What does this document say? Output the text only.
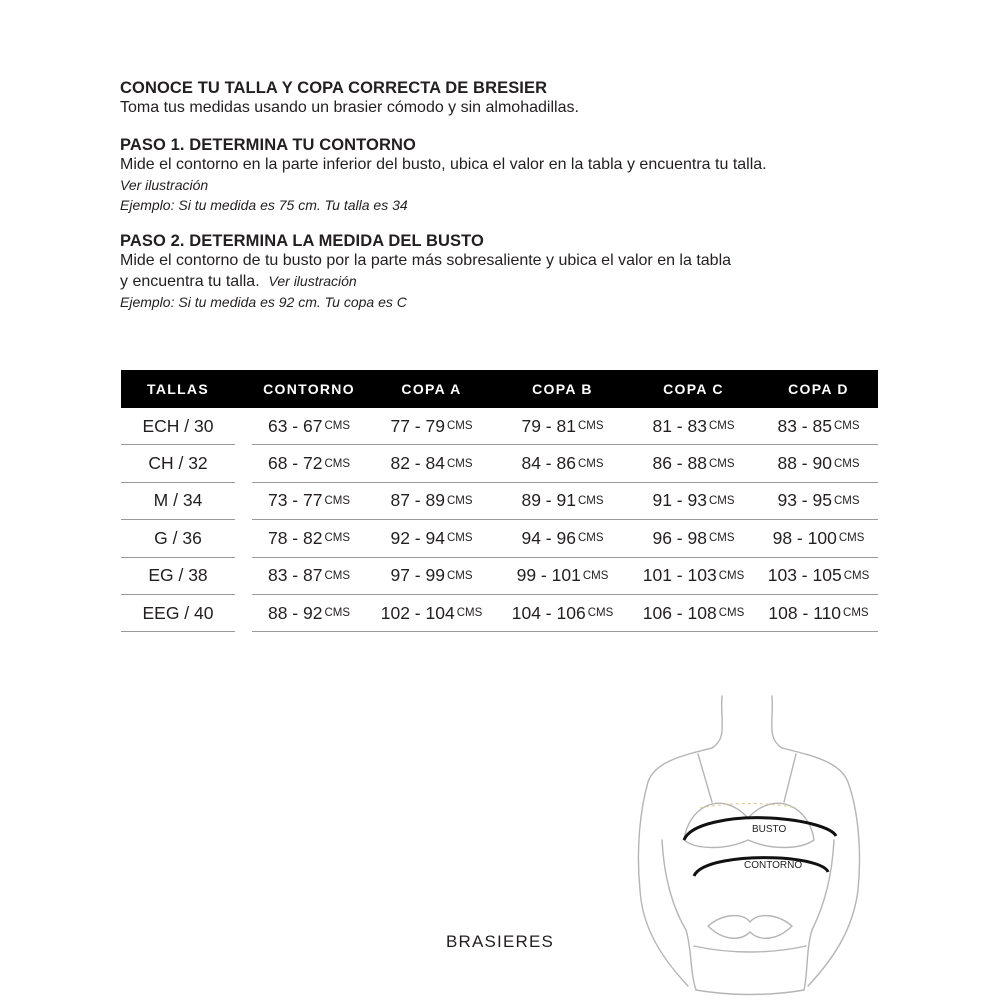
CONOCE TU TALLA Y COPA CORRECTA DE BRESIER
Toma tus medidas usando un brasier cómodo y sin almohadillas.
PASO 1. DETERMINA TU CONTORNO
Mide el contorno en la parte inferior del busto, ubica el valor en la tabla y encuentra tu talla.
Ver ilustración
Ejemplo: Si tu medida es 75 cm. Tu talla es 34
PASO 2. DETERMINA LA MEDIDA DEL BUSTO
Mide el contorno de tu busto por la parte más sobresaliente y ubica el valor en la tabla
y encuentra tu talla. Ver ilustración
Ejemplo: Si tu medida es 92 cm. Tu copa es C
TALLAS	CONTORNO	COPA A	COPA B	COPA C	COPA D
ECH / 30	63 - 67 CMS 77 - 79 CMS	79 - 81 CMS	81 - 83 CMS 83 - 85 CMS
CH / 32	68 - 72 CMS 82 - 84 CMS	84 - 86 CMS	86 - 88 CMS 88 - 90 CMS
M / 34	73 - 77 CMS 87 - 89 CMS	89 - 91 CMS	91 - 93 CMS 93 - 95 CMS
G / 36	78 - 82 CMS 92 - 94 CMS	94 - 96 CMS	96 - 98 CMS 98 - 100 CMS
EG / 38	83 - 87 CMS 97 - 99 CMS	99 - 101 CMS 101 - 103 CMS 103 - 105 CMS
EEG / 40	88 - 92 CMS 102 - 104 CMS 104 - 106 CMS 106 - 108 CMS 108 - 110 CMS
BUSTO
CONTORNO
BRASIERES
